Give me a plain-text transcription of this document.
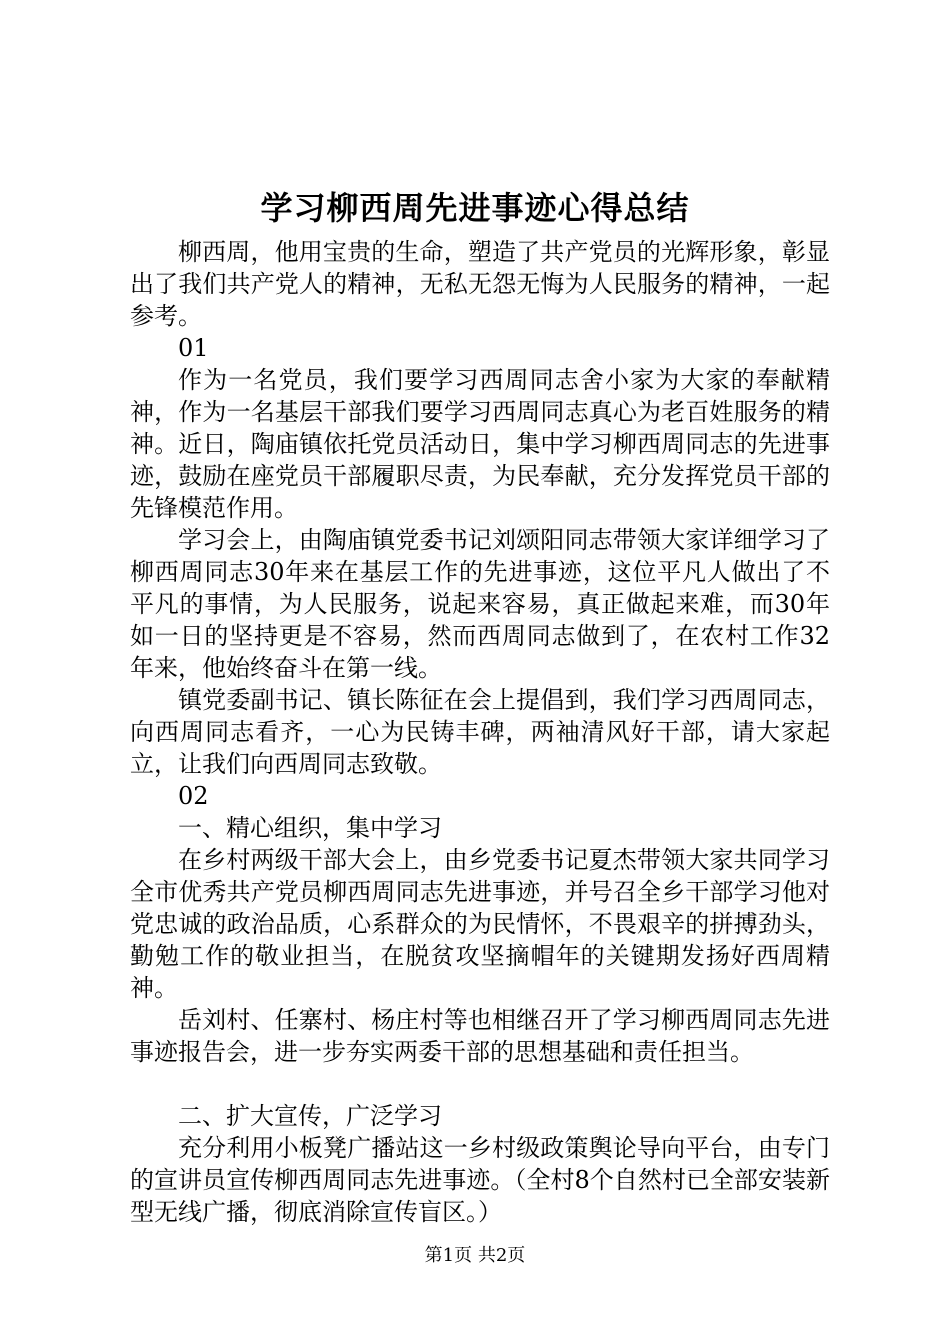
学习柳西周先进事迹心得总结

柳西周，他用宝贵的生命，塑造了共产党员的光辉形象，彰显出了我们共产党人的精神，无私无怨无悔为人民服务的精神，一起参考。

01

作为一名党员，我们要学习西周同志舍小家为大家的奉献精神，作为一名基层干部我们要学习西周同志真心为老百姓服务的精神。近日，陶庙镇依托党员活动日，集中学习柳西周同志的先进事迹，鼓励在座党员干部履职尽责，为民奉献，充分发挥党员干部的先锋模范作用。

学习会上，由陶庙镇党委书记刘颂阳同志带领大家详细学习了柳西周同志30年来在基层工作的先进事迹，这位平凡人做出了不平凡的事情，为人民服务，说起来容易，真正做起来难，而30年如一日的坚持更是不容易，然而西周同志做到了，在农村工作32年来，他始终奋斗在第一线。

镇党委副书记、镇长陈征在会上提倡到，我们学习西周同志，向西周同志看齐，一心为民铸丰碑，两袖清风好干部，请大家起立，让我们向西周同志致敬。

02

一、精心组织，集中学习

在乡村两级干部大会上，由乡党委书记夏杰带领大家共同学习全市优秀共产党员柳西周同志先进事迹，并号召全乡干部学习他对党忠诚的政治品质，心系群众的为民情怀，不畏艰辛的拼搏劲头，勤勉工作的敬业担当，在脱贫攻坚摘帽年的关键期发扬好西周精神。

岳刘村、任寨村、杨庄村等也相继召开了学习柳西周同志先进事迹报告会，进一步夯实两委干部的思想基础和责任担当。

二、扩大宣传，广泛学习

充分利用小板凳广播站这一乡村级政策舆论导向平台，由专门的宣讲员宣传柳西周同志先进事迹。（全村8个自然村已全部安装新型无线广播，彻底消除宣传盲区。）

第1页 共2页
